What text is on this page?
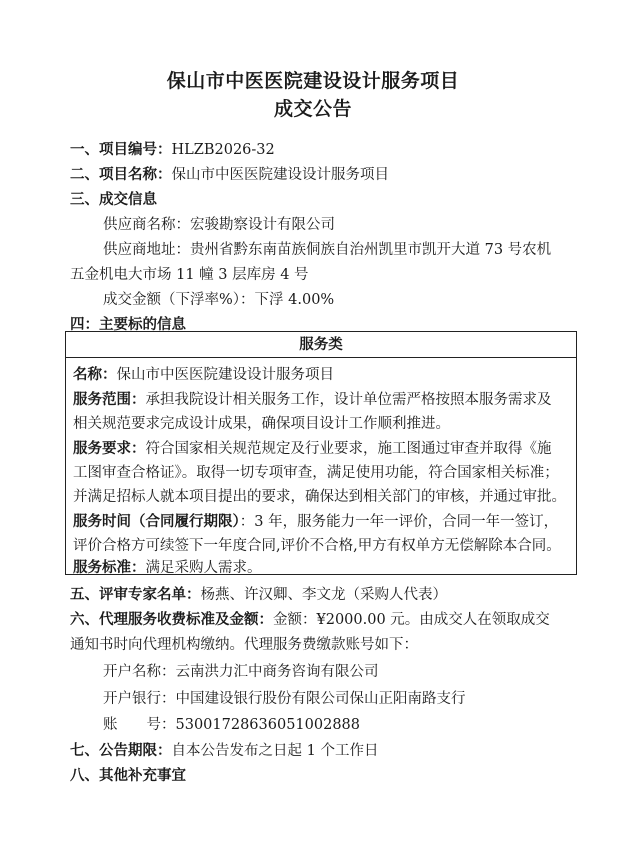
保山市中医医院建设设计服务项目
成交公告
一、项目编号：HLZB2026-32
二、项目名称：保山市中医医院建设设计服务项目
三、成交信息
供应商名称：宏骏勘察设计有限公司
供应商地址：贵州省黔东南苗族侗族自治州凯里市凯开大道 73 号农机
五金机电大市场 11 幢 3 层库房 4 号
成交金额（下浮率%）：下浮 4.00%
四：主要标的信息
服务类
名称：保山市中医医院建设设计服务项目
服务范围：承担我院设计相关服务工作，设计单位需严格按照本服务需求及
相关规范要求完成设计成果，确保项目设计工作顺利推进。
服务要求：符合国家相关规范规定及行业要求，施工图通过审查并取得《施
工图审查合格证》。取得一切专项审查，满足使用功能，符合国家相关标准；
并满足招标人就本项目提出的要求，确保达到相关部门的审核，并通过审批。
服务时间（合同履行期限）：3 年，服务能力一年一评价，合同一年一签订，
评价合格方可续签下一年度合同,评价不合格,甲方有权单方无偿解除本合同。
服务标准：满足采购人需求。
五、评审专家名单：杨燕、许汉卿、李文龙（采购人代表）
六、代理服务收费标准及金额：金额：¥2000.00 元。由成交人在领取成交
通知书时向代理机构缴纳。代理服务费缴款账号如下：
开户名称：云南洪力汇中商务咨询有限公司
开户银行：中国建设银行股份有限公司保山正阳南路支行
账　　号：53001728636051002888
七、公告期限：自本公告发布之日起 1 个工作日
八、其他补充事宜
